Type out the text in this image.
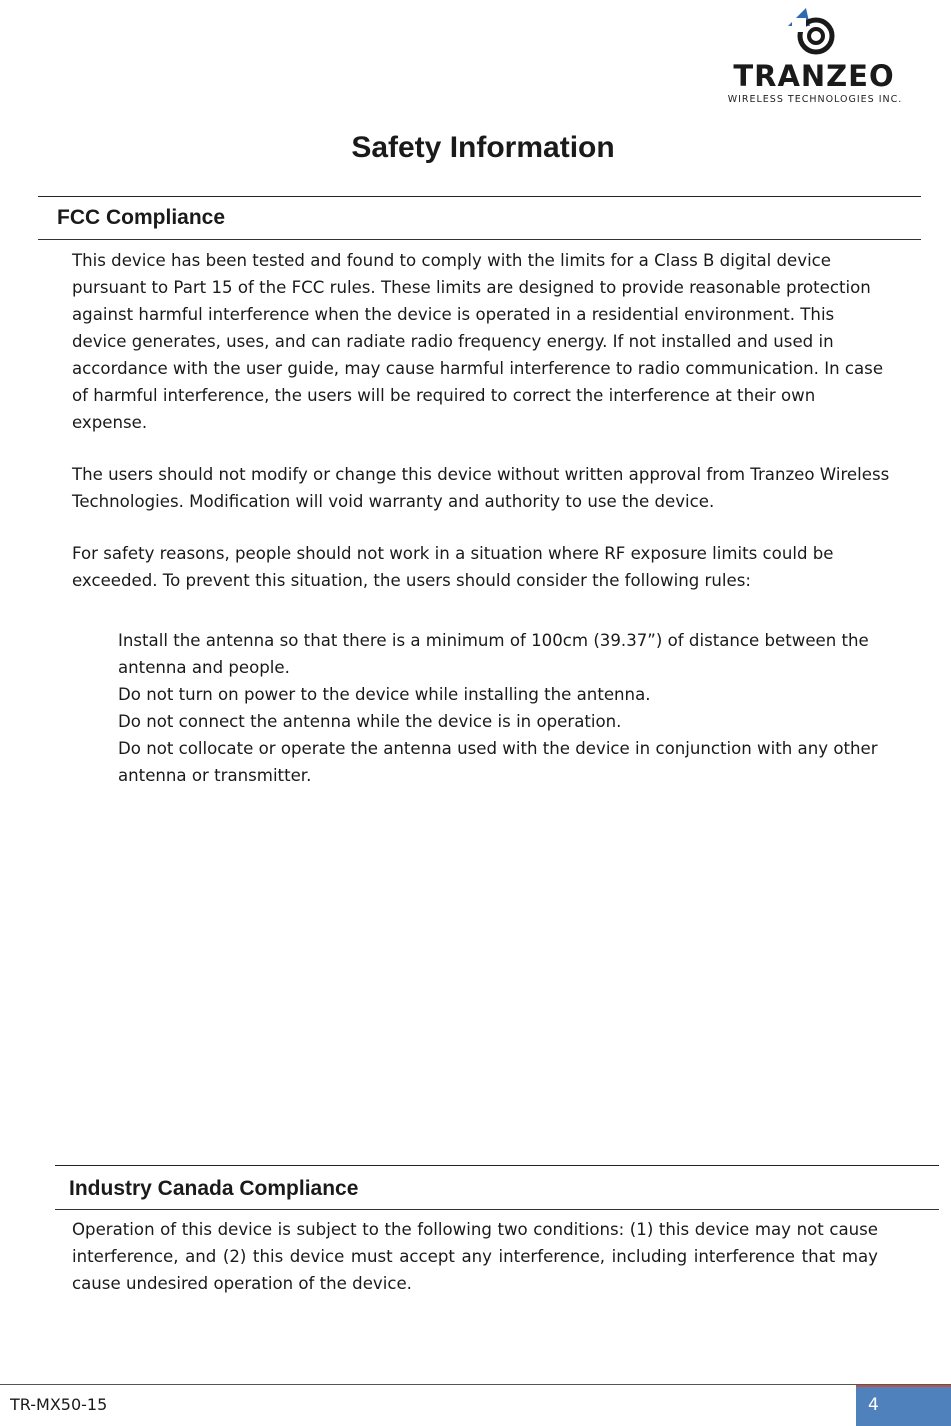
TRANZEO
WIRELESS TECHNOLOGIES INC.
Safety Information
FCC Compliance

This device has been tested and found to comply with the limits for a Class B digital device pursuant to Part 15 of the FCC rules. These limits are designed to provide reasonable protection against harmful interference when the device is operated in a residential environment. This device generates, uses, and can radiate radio frequency energy. If not installed and used in accordance with the user guide, may cause harmful interference to radio communication. In case of harmful interference, the users will be required to correct the interference at their own expense.

The users should not modify or change this device without written approval from Tranzeo Wireless Technologies. Modification will void warranty and authority to use the device.

For safety reasons, people should not work in a situation where RF exposure limits could be exceeded. To prevent this situation, the users should consider the following rules:

Install the antenna so that there is a minimum of 100cm (39.37”) of distance between the antenna and people.

Do not turn on power to the device while installing the antenna.

Do not connect the antenna while the device is in operation.

Do not collocate or operate the antenna used with the device in conjunction with any other antenna or transmitter.

Industry Canada Compliance

Operation of this device is subject to the following two conditions: (1) this device may not cause interference, and (2) this device must accept any interference, including interference that may cause undesired operation of the device.

TR-MX50-15	4
